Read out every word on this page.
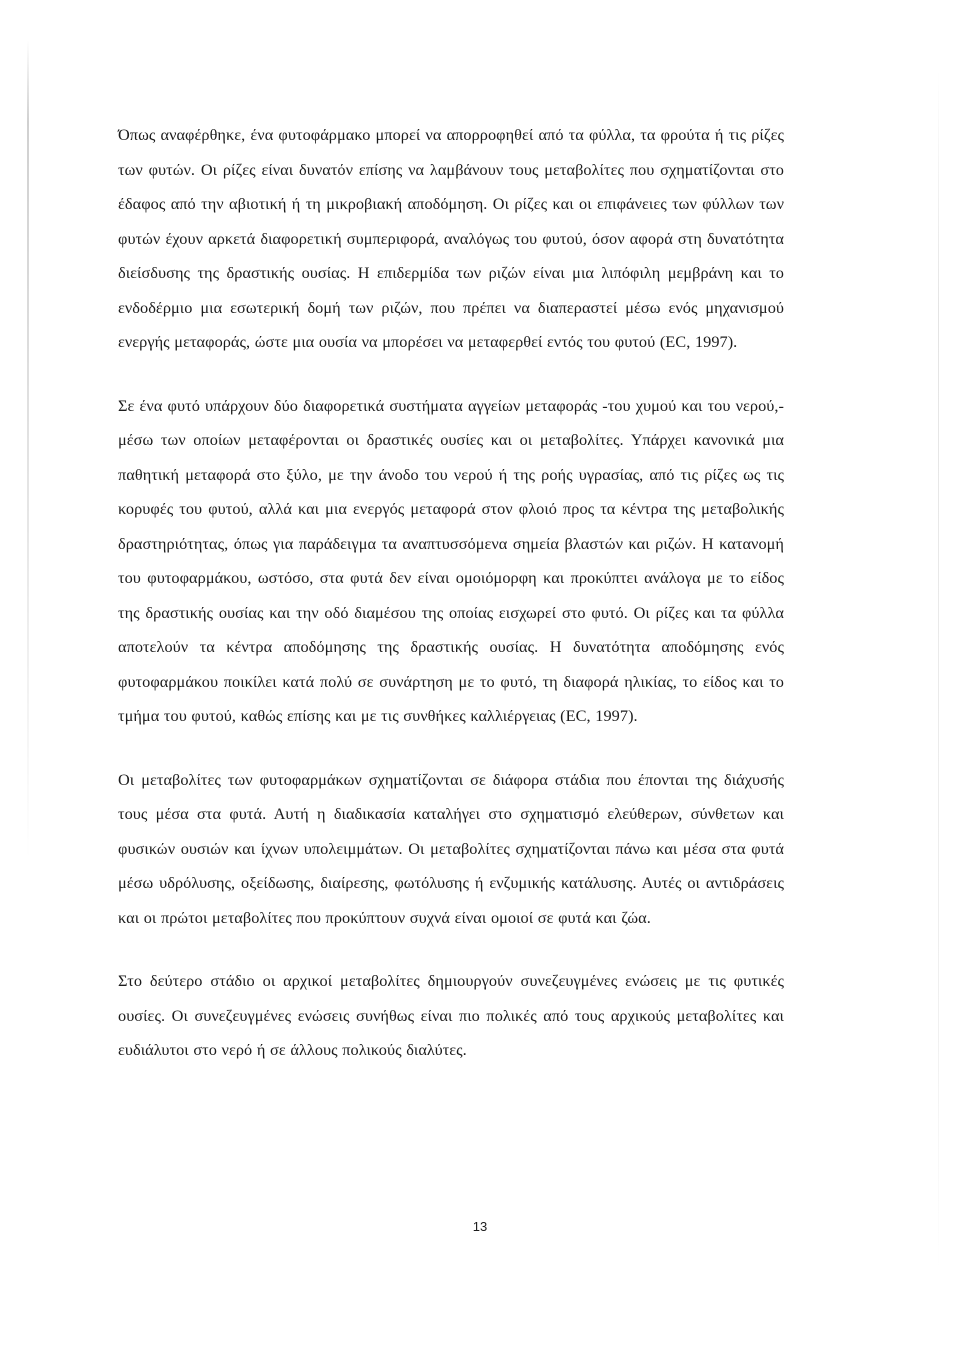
Όπως αναφέρθηκε, ένα φυτοφάρμακο μπορεί να απορροφηθεί από τα φύλλα, τα φρούτα ή τις ρίζες των φυτών. Οι ρίζες είναι δυνατόν επίσης να λαμβάνουν τους μεταβολίτες που σχηματίζονται στο έδαφος από την αβιοτική ή τη μικροβιακή αποδόμηση. Οι ρίζες και οι επιφάνειες των φύλλων των φυτών έχουν αρκετά διαφορετική συμπεριφορά, αναλόγως του φυτού, όσον αφορά στη δυνατότητα διείσδυσης της δραστικής ουσίας. Η επιδερμίδα των ριζών είναι μια λιπόφιλη μεμβράνη και το ενδοδέρμιο μια εσωτερική δομή των ριζών, που πρέπει να διαπεραστεί μέσω ενός μηχανισμού ενεργής μεταφοράς, ώστε μια ουσία να μπορέσει να μεταφερθεί εντός του φυτού (EC, 1997).

Σε ένα φυτό υπάρχουν δύο διαφορετικά συστήματα αγγείων μεταφοράς -του χυμού και του νερού,- μέσω των οποίων μεταφέρονται οι δραστικές ουσίες και οι μεταβολίτες. Υπάρχει κανονικά μια παθητική μεταφορά στο ξύλο, με την άνοδο του νερού ή της ροής υγρασίας, από τις ρίζες ως τις κορυφές του φυτού, αλλά και μια ενεργός μεταφορά στον φλοιό προς τα κέντρα της μεταβολικής δραστηριότητας, όπως για παράδειγμα τα αναπτυσσόμενα σημεία βλαστών και ριζών. Η κατανομή του φυτοφαρμάκου, ωστόσο, στα φυτά δεν είναι ομοιόμορφη και προκύπτει ανάλογα με το είδος της δραστικής ουσίας και την οδό διαμέσου της οποίας εισχωρεί στο φυτό. Οι ρίζες και τα φύλλα αποτελούν τα κέντρα αποδόμησης της δραστικής ουσίας. Η δυνατότητα αποδόμησης ενός φυτοφαρμάκου ποικίλει κατά πολύ σε συνάρτηση με το φυτό, τη διαφορά ηλικίας, το είδος και το τμήμα του φυτού, καθώς επίσης και με τις συνθήκες καλλιέργειας (EC, 1997).

Οι μεταβολίτες των φυτοφαρμάκων σχηματίζονται σε διάφορα στάδια που έπονται της διάχυσής τους μέσα στα φυτά. Αυτή η διαδικασία καταλήγει στο σχηματισμό ελεύθερων, σύνθετων και φυσικών ουσιών και ίχνων υπολειμμάτων. Οι μεταβολίτες σχηματίζονται πάνω και μέσα στα φυτά μέσω υδρόλυσης, οξείδωσης, διαίρεσης, φωτόλυσης ή ενζυμικής κατάλυσης. Αυτές οι αντιδράσεις και οι πρώτοι μεταβολίτες που προκύπτουν συχνά είναι ομοιοί σε φυτά και ζώα.

Στο δεύτερο στάδιο οι αρχικοί μεταβολίτες δημιουργούν συνεζευγμένες ενώσεις με τις φυτικές ουσίες. Οι συνεζευγμένες ενώσεις συνήθως είναι πιο πολικές από τους αρχικούς μεταβολίτες και ευδιάλυτοι στο νερό ή σε άλλους πολικούς διαλύτες.

13
